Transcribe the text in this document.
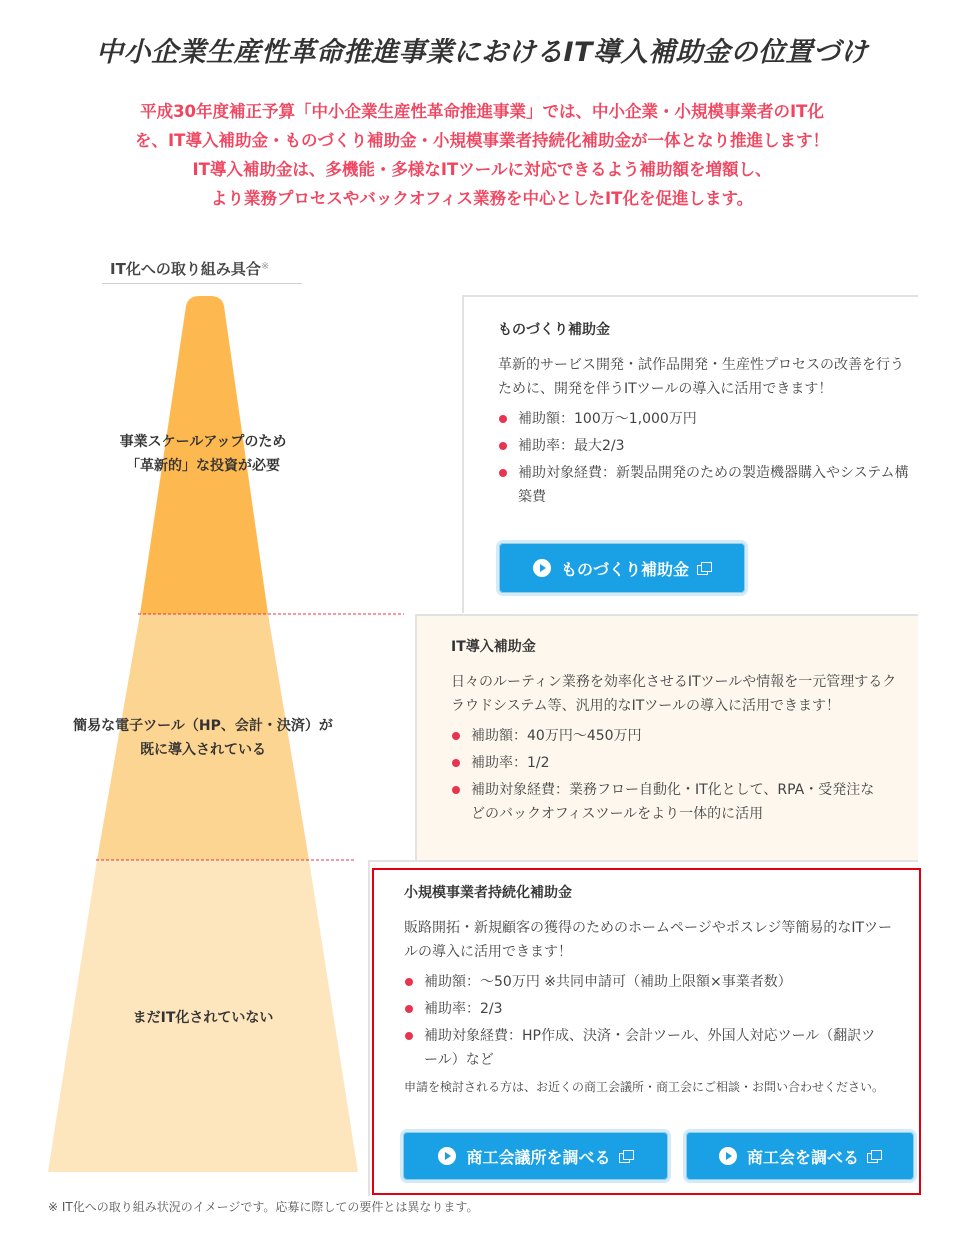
中小企業生産性革命推進事業におけるIT導入補助金の位置づけ
平成30年度補正予算「中小企業生産性革命推進事業」では、中小企業・小規模事業者のIT化
を、IT導入補助金・ものづくり補助金・小規模事業者持続化補助金が一体となり推進します！
IT導入補助金は、多機能・多様なITツールに対応できるよう補助額を増額し、
より業務プロセスやバックオフィス業務を中心としたIT化を促進します。
IT化への取り組み具合※
事業スケールアップのため
「革新的」な投資が必要
簡易な電子ツール（HP、会計・決済）が
既に導入されている
まだIT化されていない
ものづくり補助金
革新的サービス開発・試作品開発・生産性プロセスの改善を行うために、開発を伴うITツールの導入に活用できます！
補助額：100万〜1,000万円
補助率：最大2/3
補助対象経費：新製品開発のための製造機器購入やシステム構築費
ものづくり補助金
IT導入補助金
日々のルーティン業務を効率化させるITツールや情報を一元管理するクラウドシステム等、汎用的なITツールの導入に活用できます！
補助額：40万円〜450万円
補助率：1/2
補助対象経費：業務フロー自動化・IT化として、RPA・受発注などのバックオフィスツールをより一体的に活用
小規模事業者持続化補助金
販路開拓・新規顧客の獲得のためのホームページやポスレジ等簡易的なITツールの導入に活用できます！
補助額：〜50万円 ※共同申請可（補助上限額×事業者数）
補助率：2/3
補助対象経費：HP作成、決済・会計ツール、外国人対応ツール（翻訳ツール）など
申請を検討される方は、お近くの商工会議所・商工会にご相談・お問い合わせください。
商工会議所を調べる	商工会を調べる
※ IT化への取り組み状況のイメージです。応募に際しての要件とは異なります。
